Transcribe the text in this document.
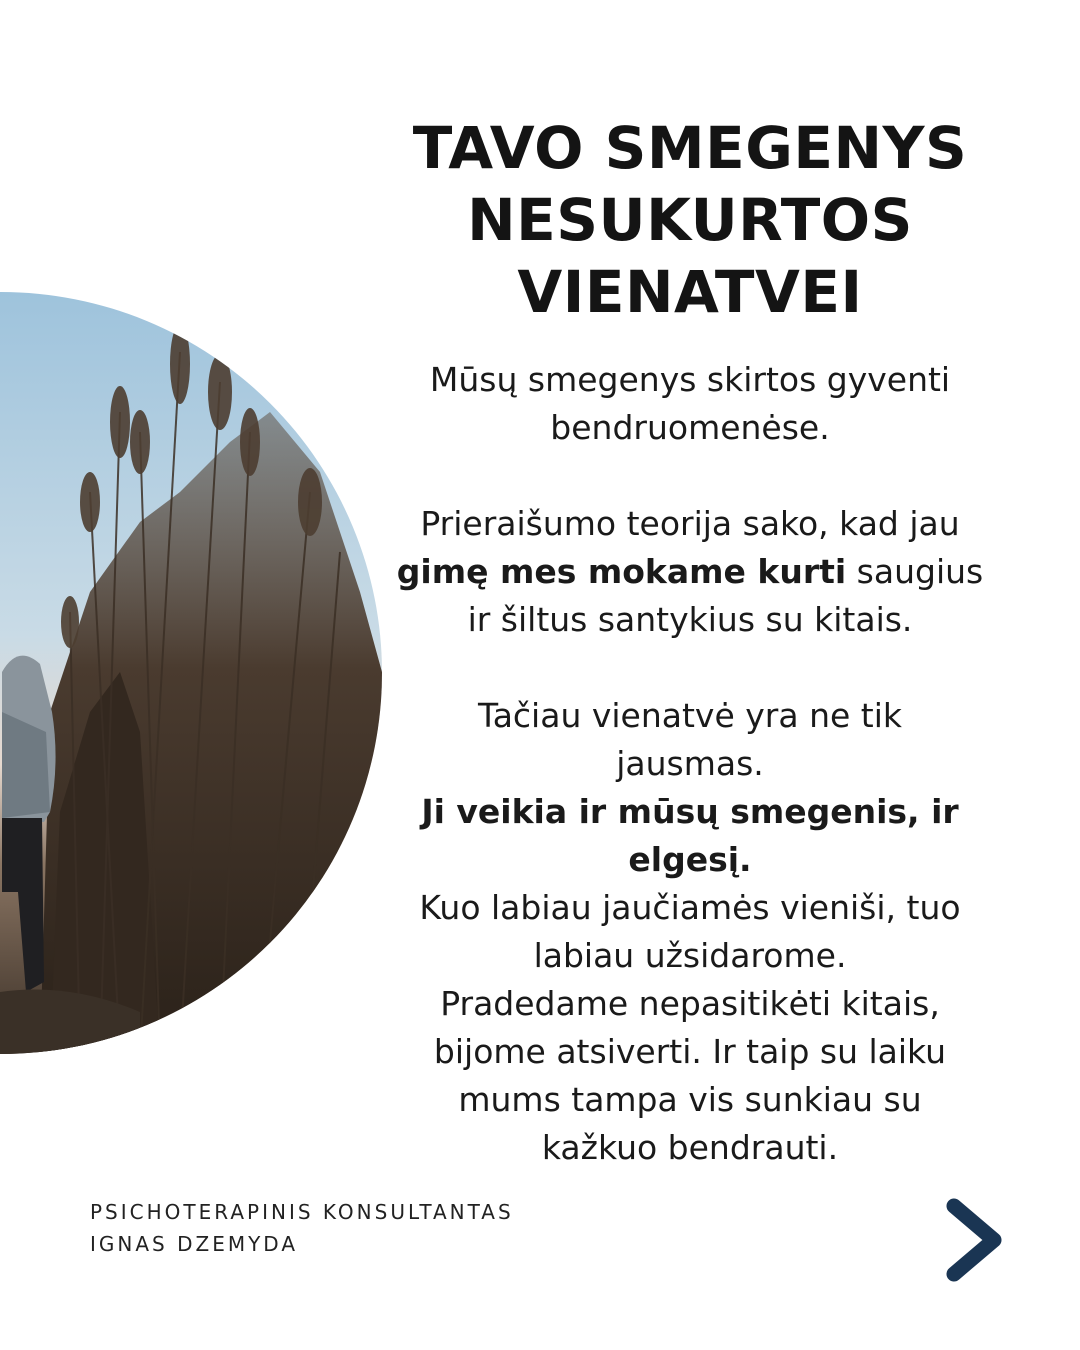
TAVO SMEGENYS
NESUKURTOS
VIENATVEI

Mūsų smegenys skirtos gyventi
bendruomenėse.

Prieraišumo teorija sako, kad jau
gimę mes mokame kurti saugius
ir šiltus santykius su kitais.

Tačiau vienatvė yra ne tik
jausmas.
Ji veikia ir mūsų smegenis, ir
elgesį.
Kuo labiau jaučiamės vieniši, tuo
labiau užsidarome.
Pradedame nepasitikėti kitais,
bijome atsiverti. Ir taip su laiku
mums tampa vis sunkiau su
kažkuo bendrauti.

PSICHOTERAPINIS KONSULTANTAS
IGNAS DZEMYDA
